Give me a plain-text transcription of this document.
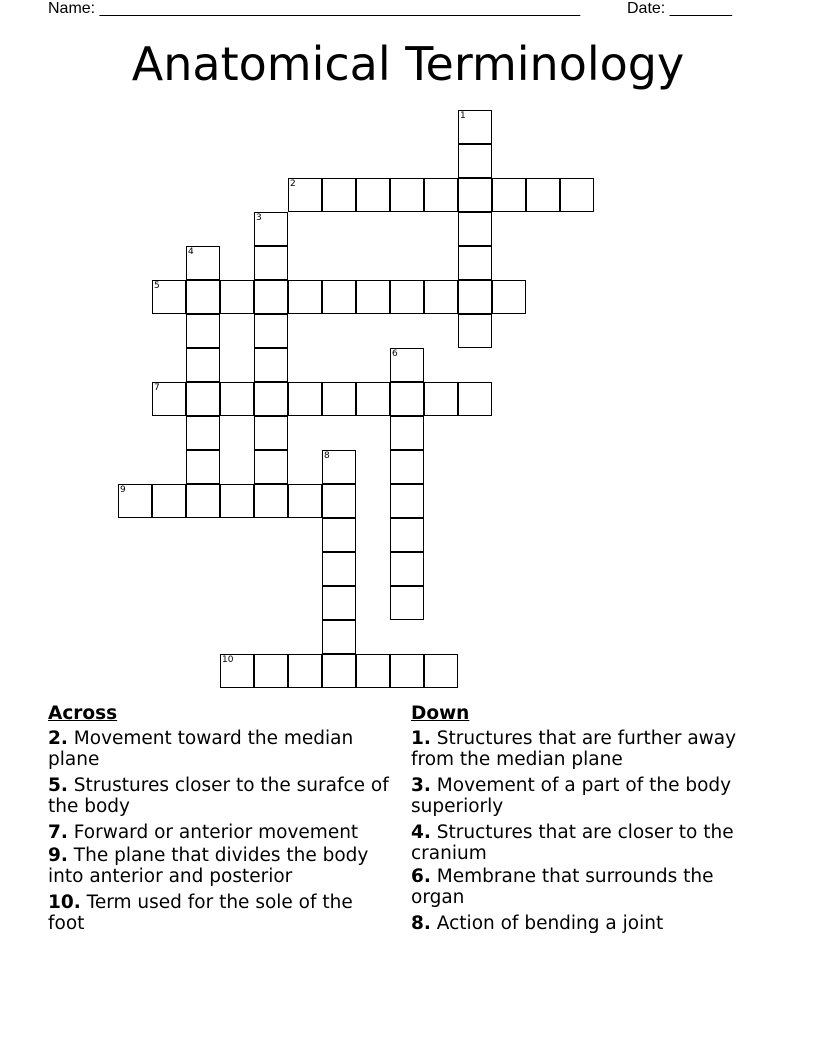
Name: ______________________________________________________	Date: _______
Anatomical Terminology
1
2
3
4
5
6
7
8
9
10
Across
2. Movement toward the median plane
5. Strustures closer to the surafce of the body
7. Forward or anterior movement
9. The plane that divides the body into anterior and posterior
10. Term used for the sole of the foot
Down
1. Structures that are further away from the median plane
3. Movement of a part of the body superiorly
4. Structures that are closer to the cranium
6. Membrane that surrounds the organ
8. Action of bending a joint
